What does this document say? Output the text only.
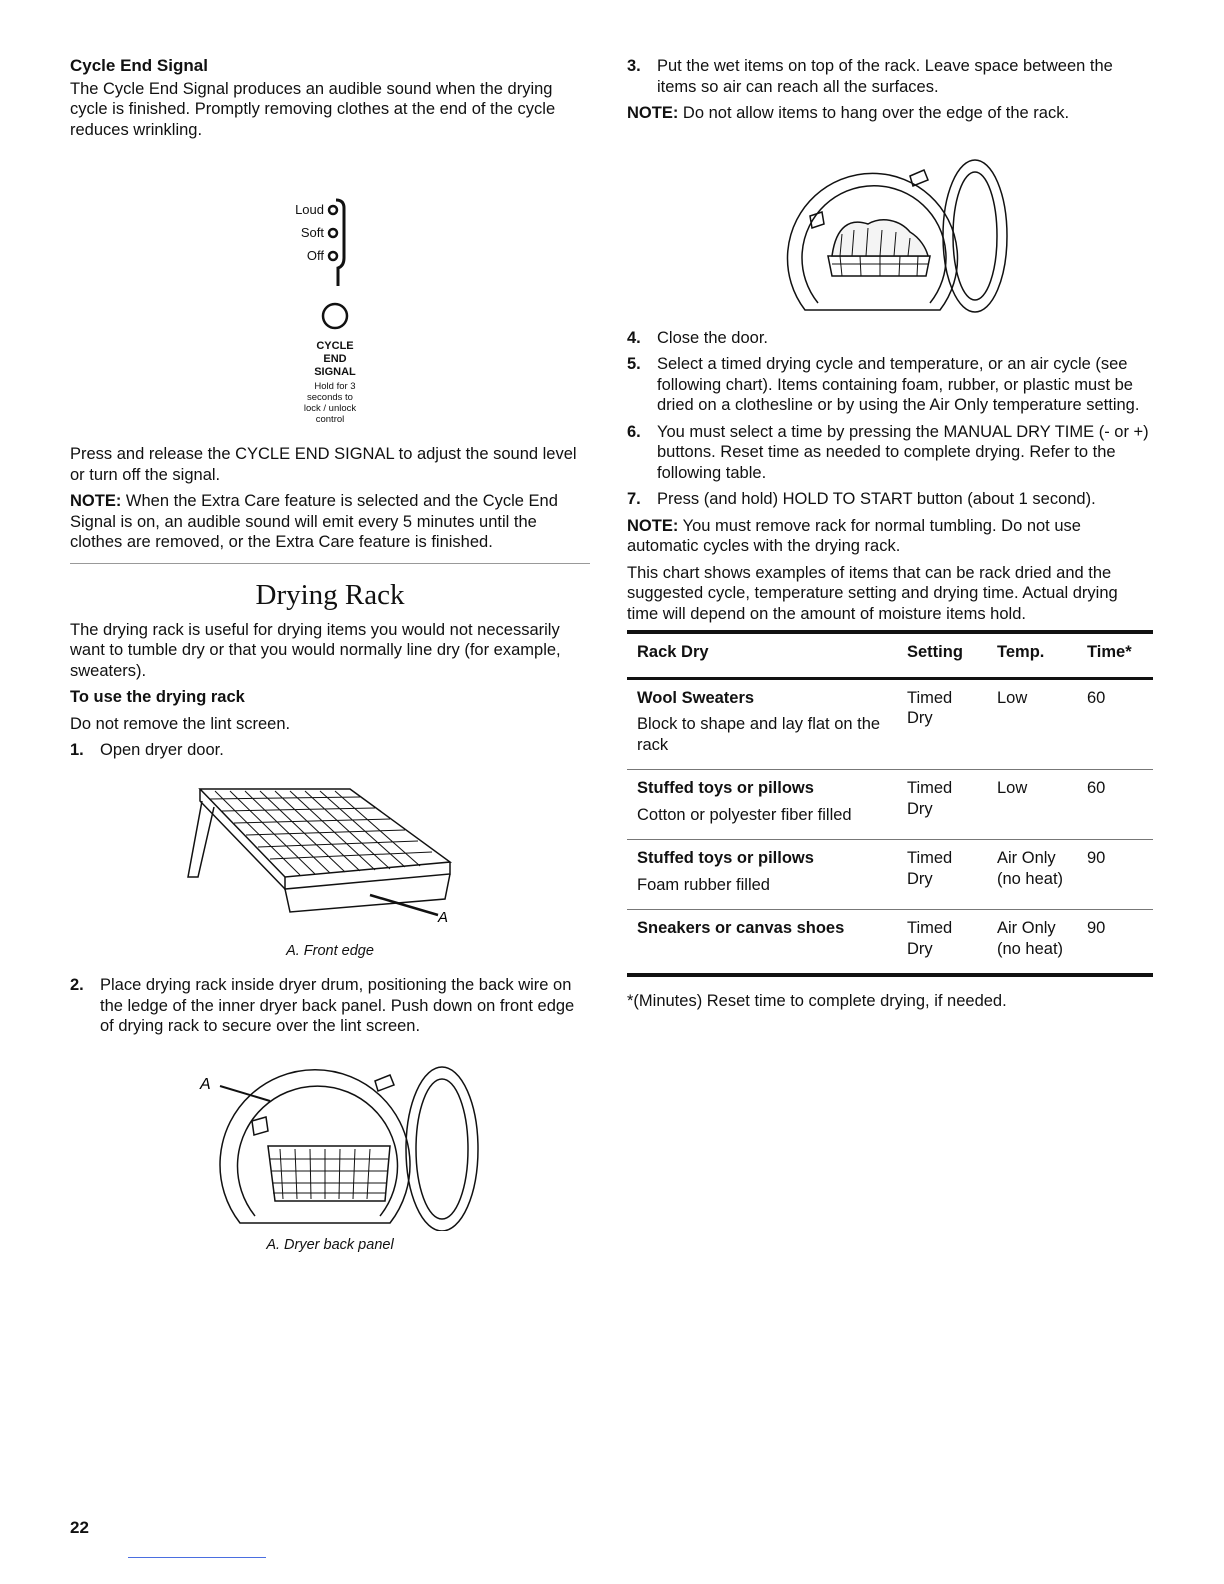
Cycle End Signal

The Cycle End Signal produces an audible sound when the drying cycle is finished. Promptly removing clothes at the end of the cycle reduces wrinkling.

Loud
Soft
Off
CYCLE
END
SIGNAL
Hold for 3
seconds to
lock / unlock
control

Press and release the CYCLE END SIGNAL to adjust the sound level or turn off the signal.

NOTE: When the Extra Care feature is selected and the Cycle End Signal is on, an audible sound will emit every 5 minutes until the clothes are removed, or the Extra Care feature is finished.

Drying Rack

The drying rack is useful for drying items you would not necessarily want to tumble dry or that you would normally line dry (for example, sweaters).

To use the drying rack

Do not remove the lint screen.

1. Open dryer door.
A
A. Front edge
2. Place drying rack inside dryer drum, positioning the back wire on the ledge of the inner dryer back panel. Push down on front edge of drying rack to secure over the lint screen.
A
A. Dryer back panel
3. Put the wet items on top of the rack. Leave space between the items so air can reach all the surfaces.

NOTE: Do not allow items to hang over the edge of the rack.

4. Close the door.
5. Select a timed drying cycle and temperature, or an air cycle (see following chart). Items containing foam, rubber, or plastic must be dried on a clothesline or by using the Air Only temperature setting.
6. You must select a time by pressing the MANUAL DRY TIME (- or +) buttons. Reset time as needed to complete drying. Refer to the following table.
7. Press (and hold) HOLD TO START button (about 1 second).

NOTE: You must remove rack for normal tumbling. Do not use automatic cycles with the drying rack.

This chart shows examples of items that can be rack dried and the suggested cycle, temperature setting and drying time. Actual drying time will depend on the amount of moisture items hold.

Rack Dry	Setting	Temp.	Time*

Wool Sweaters
Block to shape and lay flat on the rack	Timed Dry	Low	60

Stuffed toys or pillows
Cotton or polyester fiber filled	Timed Dry	Low	60

Stuffed toys or pillows
Foam rubber filled	Timed Dry	Air Only (no heat)	90

Sneakers or canvas shoes	Timed Dry	Air Only (no heat)	90

*(Minutes) Reset time to complete drying, if needed.

22
